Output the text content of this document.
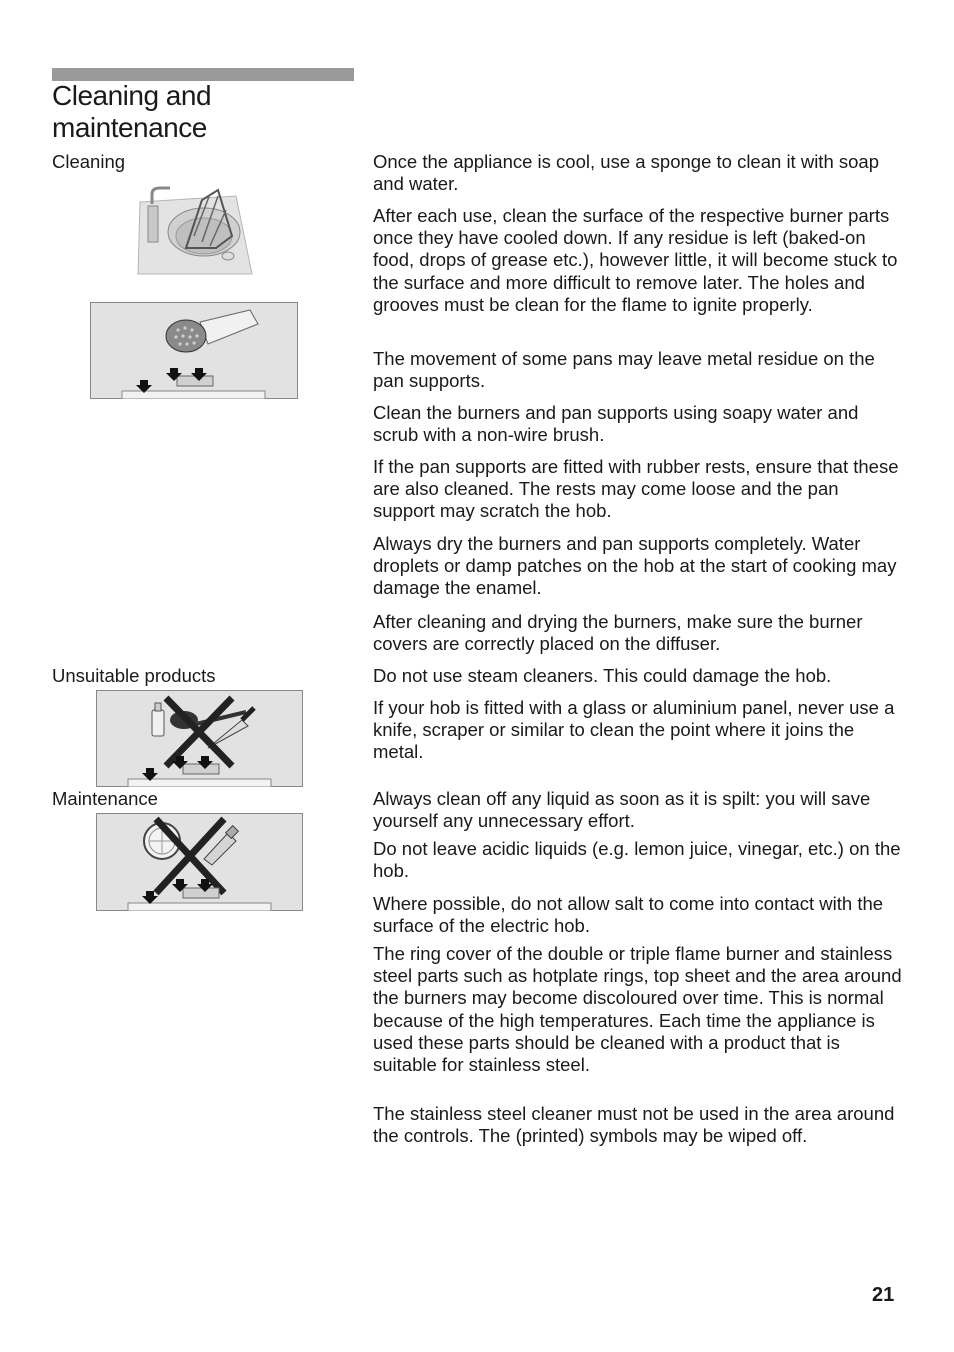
Cleaning and maintenance
Cleaning
Unsuitable products
Maintenance

Once the appliance is cool, use a sponge to clean it with soap and water.

After each use, clean the surface of the respective burner parts once they have cooled down. If any residue is left (baked-on food, drops of grease etc.), however little, it will become stuck to the surface and more difficult to remove later. The holes and grooves must be clean for the flame to ignite properly.

The movement of some pans may leave metal residue on the pan supports.

Clean the burners and pan supports using soapy water and scrub with a non-wire brush.

If the pan supports are fitted with rubber rests, ensure that these are also cleaned. The rests may come loose and the pan support may scratch the hob.

Always dry the burners and pan supports completely. Water droplets or damp patches on the hob at the start of cooking may damage the enamel.

After cleaning and drying the burners, make sure the burner covers are correctly placed on the diffuser.

Do not use steam cleaners. This could damage the hob.

If your hob is fitted with a glass or aluminium panel, never use a knife, scraper or similar to clean the point where it joins the metal.

Always clean off any liquid as soon as it is spilt: you will save yourself any unnecessary effort.

Do not leave acidic liquids (e.g. lemon juice, vinegar, etc.) on the hob.

Where possible, do not allow salt to come into contact with the surface of the electric hob.

The ring cover of the double or triple flame burner and stainless steel parts such as hotplate rings, top sheet and the area around the burners may become discoloured over time. This is normal because of the high temperatures. Each time the appliance is used these parts should be cleaned with a product that is suitable for stainless steel.

The stainless steel cleaner must not be used in the area around the controls. The (printed) symbols may be wiped off.

21
